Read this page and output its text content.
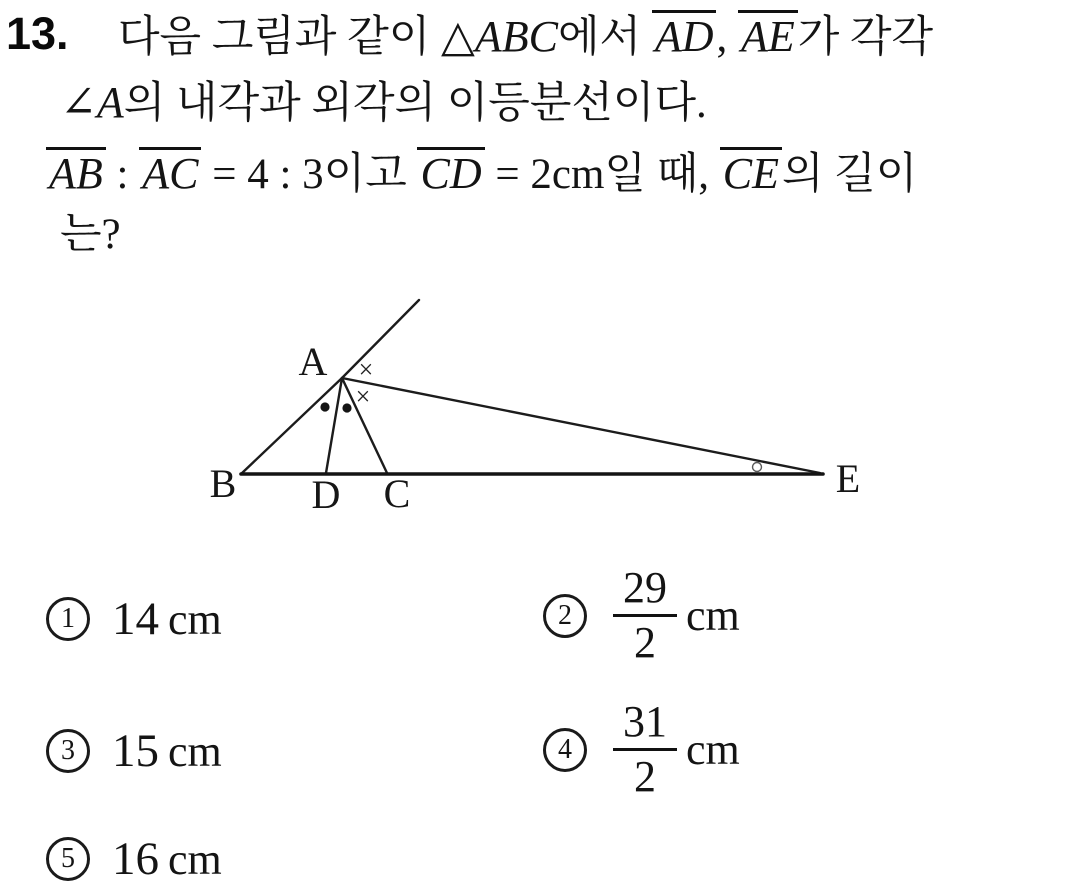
13. 다음 그림과 같이 △ABC에서 AD, AE가 각각
∠A의 내각과 외각의 이등분선이다.
AB : AC = 4 : 3이고 CD = 2cm일 때, CE의 길이
는?
×
×
A
B D C	E
1 14 cm	$2 \frac{29}{2}$ cm
3 15 cm	$4 \frac{31}{2}$ cm
5 16 cm
